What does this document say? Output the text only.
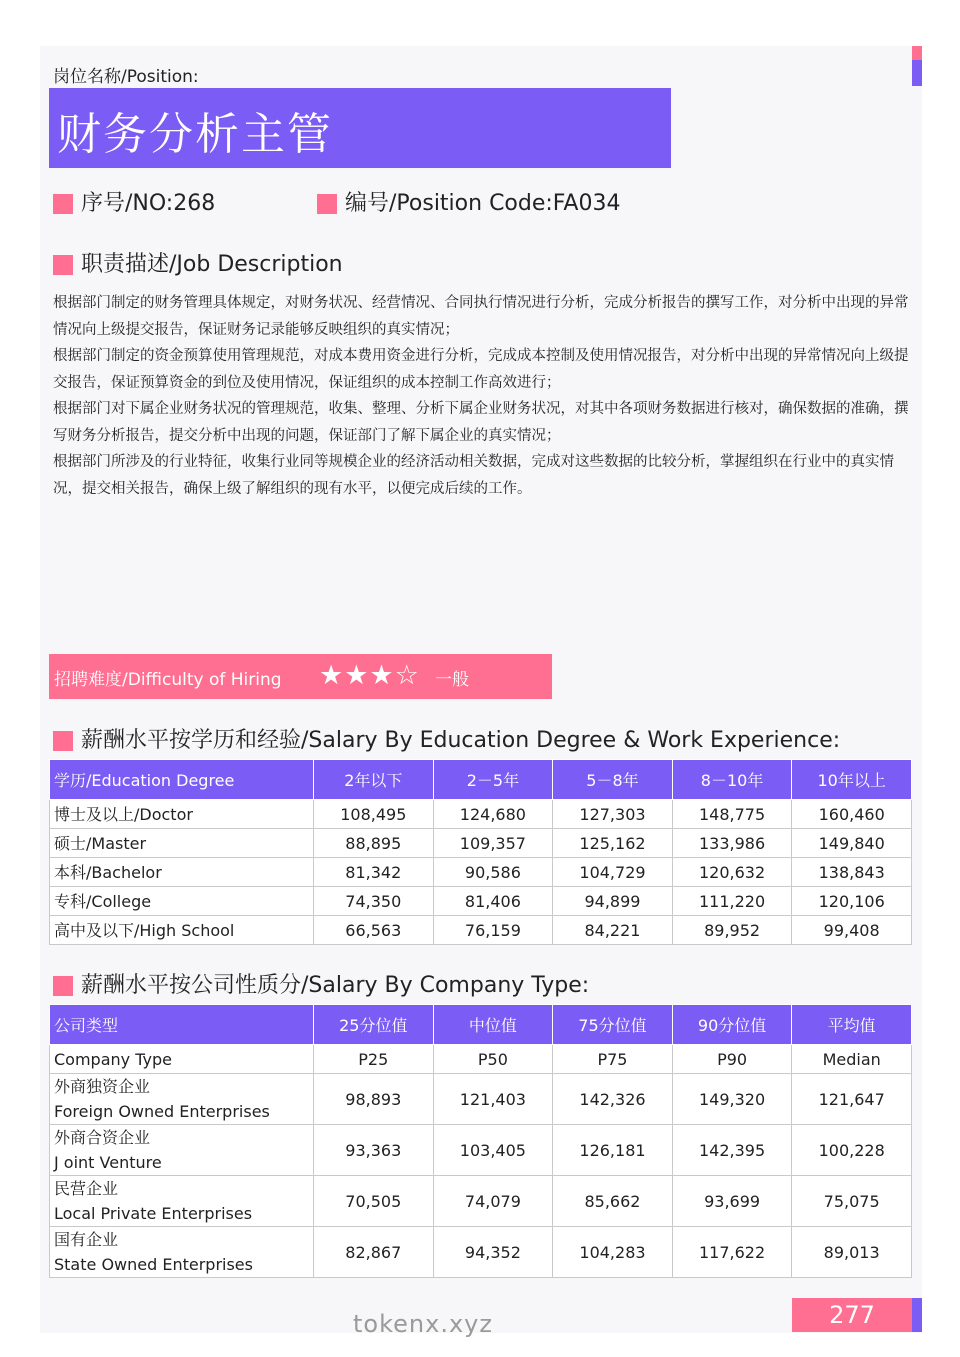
岗位名称/Position:
财务分析主管
序号/NO:268	编号/Position Code:FA034
职责描述/Job Description

根据部门制定的财务管理具体规定，对财务状况、经营情况、合同执行情况进行分析，完成分析报告的撰写工作，对分析中出现的异常情况向上级提交报告，保证财务记录能够反映组织的真实情况；

根据部门制定的资金预算使用管理规范，对成本费用资金进行分析，完成成本控制及使用情况报告，对分析中出现的异常情况向上级提交报告，保证预算资金的到位及使用情况，保证组织的成本控制工作高效进行；

根据部门对下属企业财务状况的管理规范，收集、整理、分析下属企业财务状况，对其中各项财务数据进行核对，确保数据的准确，撰写财务分析报告，提交分析中出现的问题，保证部门了解下属企业的真实情况；

根据部门所涉及的行业特征，收集行业同等规模企业的经济活动相关数据，完成对这些数据的比较分析，掌握组织在行业中的真实情况，提交相关报告，确保上级了解组织的现有水平，以便完成后续的工作。

招聘难度/Difficulty of Hiring ★★★☆ 一般
薪酬水平按学历和经验/Salary By Education Degree & Work Experience:
学历/Education Degree	2年以下	2－5年	5－8年	8－10年	10年以上
博士及以上/Doctor	108,495	124,680	127,303	148,775	160,460
硕士/Master	88,895	109,357	125,162	133,986	149,840
本科/Bachelor	81,342	90,586	104,729	120,632	138,843
专科/College	74,350	81,406	94,899	111,220	120,106
高中及以下/High School	66,563	76,159	84,221	89,952	99,408
薪酬水平按公司性质分/Salary By Company Type:
公司类型	25分位值	中位值	75分位值	90分位值	平均值
Company Type	P25	P50	P75	P90	Median

外商独资企业
Foreign Owned Enterprises	98,893	121,403	142,326	149,320	121,647

外商合资企业
J oint Venture	93,363	103,405	126,181	142,395	100,228

民营企业
Local Private Enterprises	70,505	74,079	85,662	93,699	75,075

国有企业
State Owned Enterprises	82,867	94,352	104,283	117,622	89,013
277
tokenx.xyz
